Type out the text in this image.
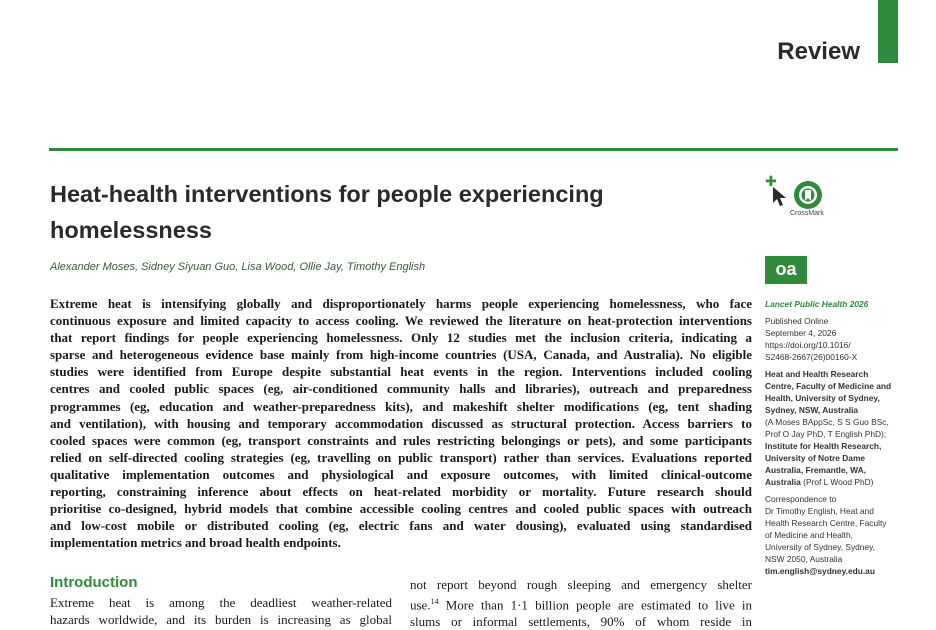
Review
Heat-health interventions for people experiencing
homelessness
Alexander Moses, Sidney Siyuan Guo, Lisa Wood, Ollie Jay, Timothy English
Extreme heat is intensifying globally and disproportionately harms people experiencing homelessness, who face
continuous exposure and limited capacity to access cooling. We reviewed the literature on heat-protection interventions
that report findings for people experiencing homelessness. Only 12 studies met the inclusion criteria, indicating a
sparse and heterogeneous evidence base mainly from high-income countries (USA, Canada, and Australia). No eligible
studies were identified from Europe despite substantial heat events in the region. Interventions included cooling
centres and cooled public spaces (eg, air-conditioned community halls and libraries), outreach and preparedness
programmes (eg, education and weather-preparedness kits), and makeshift shelter modifications (eg, tent shading
and ventilation), with housing and temporary accommodation discussed as structural protection. Access barriers to
cooled spaces were common (eg, transport constraints and rules restricting belongings or pets), and some participants
relied on self-directed cooling strategies (eg, travelling on public transport) rather than services. Evaluations reported
qualitative implementation outcomes and physiological and exposure outcomes, with limited clinical-outcome
reporting, constraining inference about effects on heat-related morbidity or mortality. Future research should
prioritise co-designed, hybrid models that combine accessible cooling centres and cooled public spaces with outreach
and low-cost mobile or distributed cooling (eg, electric fans and water dousing), evaluated using standardised
implementation metrics and broad health endpoints.
Introduction
Extreme heat is among the deadliest weather-related
hazards worldwide, and its burden is increasing as global
not report beyond rough sleeping and emergency shelter
use.$^{14}$ More than 1·1 billion people are estimated to live in
slums or informal settlements, 90% of whom reside in
✚
CrossMark
oa
Lancet Public Health 2026
Published Online
September 4, 2026
https://doi.org/10.1016/
S2468-2667(26)00160-X
Heat and Health Research
Centre, Faculty of Medicine and
Health, University of Sydney,
Sydney, NSW, Australia
(A Moses BAppSc, S S Guo BSc,
Prof O Jay PhD, T English PhD);
Institute for Health Research,
University of Notre Dame
Australia, Fremantle, WA,
Australia (Prof L Wood PhD)
Correspondence to
Dr Timothy English, Heat and
Health Research Centre, Faculty
of Medicine and Health,
University of Sydney, Sydney,
NSW 2050, Australia
tim.english@sydney.edu.au
